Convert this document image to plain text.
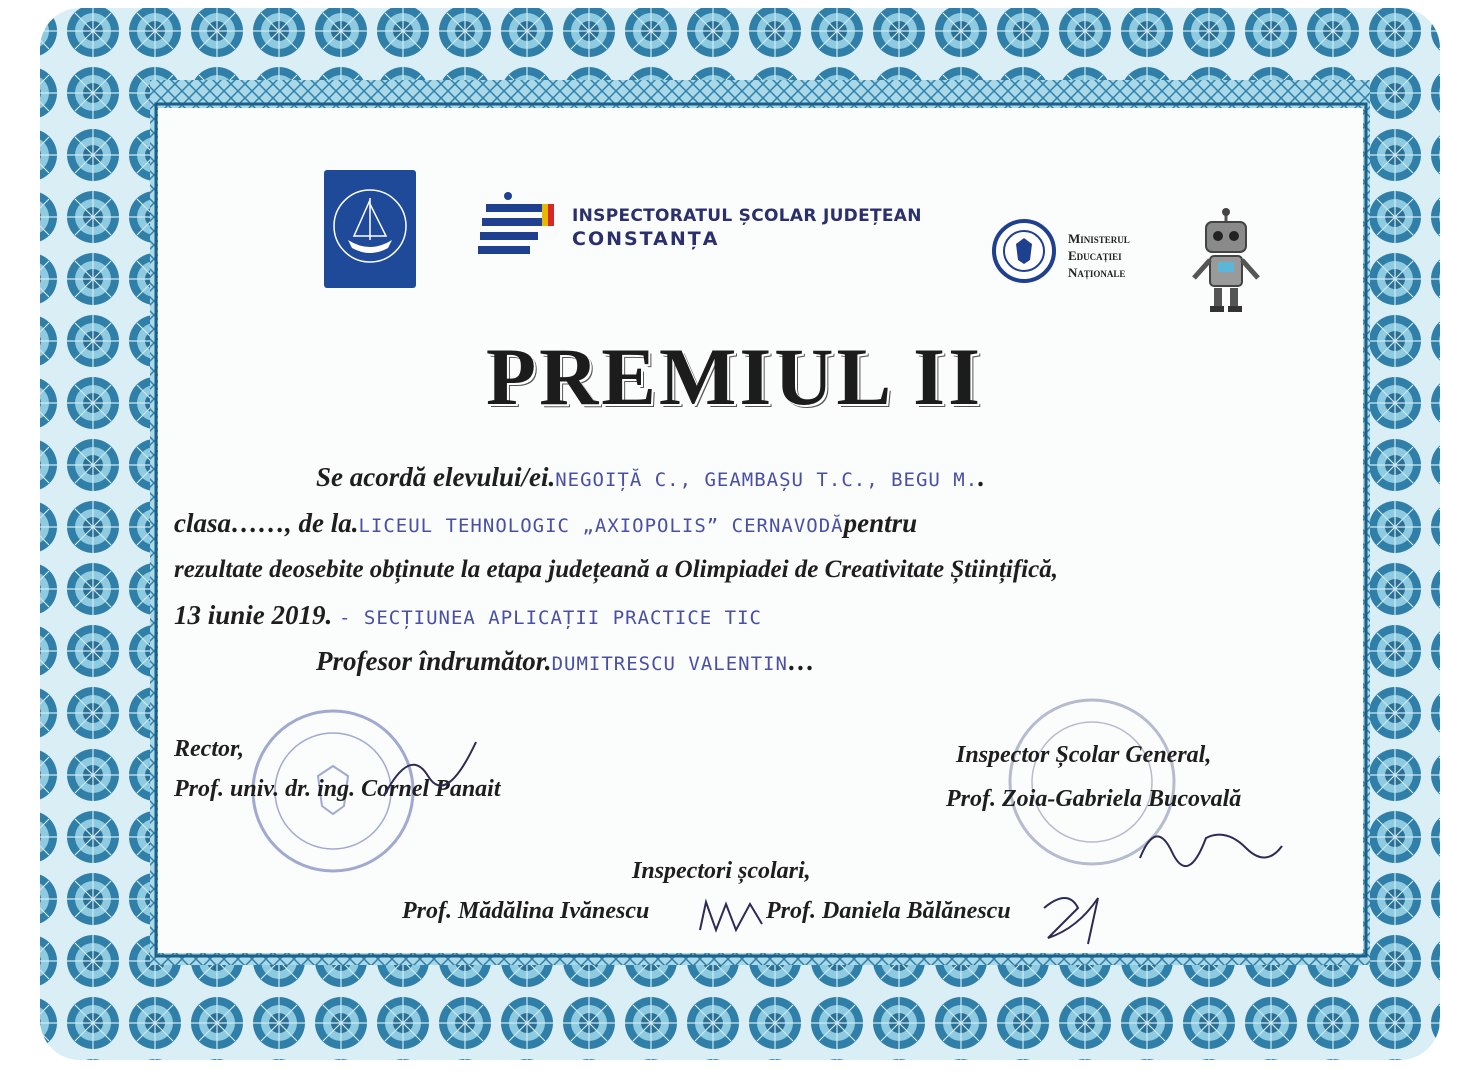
INSPECTORATUL ȘCOLAR JUDEȚEAN
CONSTANȚA	Ministerul
Educației
Naționale
PREMIUL II
Se acordă elevului/ei.NEGOIȚĂ C., GEAMBAȘU T.C., BEGU M..
clasa……, de la.LICEUL TEHNOLOGIC „AXIOPOLIS” CERNAVODĂpentru
rezultate deosebite obținute la etapa județeană a Olimpiadei de Creativitate Științifică,
13 iunie 2019. - SECȚIUNEA APLICAȚII PRACTICE TIC
Profesor îndrumător.DUMITRESCU VALENTIN…
Rector,
Prof. univ. dr. ing. Cornel Panait
Inspector Școlar General,
Prof. Zoia-Gabriela Bucovală
Inspectori școlari,
Prof. Mădălina Ivănescu	Prof. Daniela Bălănescu
